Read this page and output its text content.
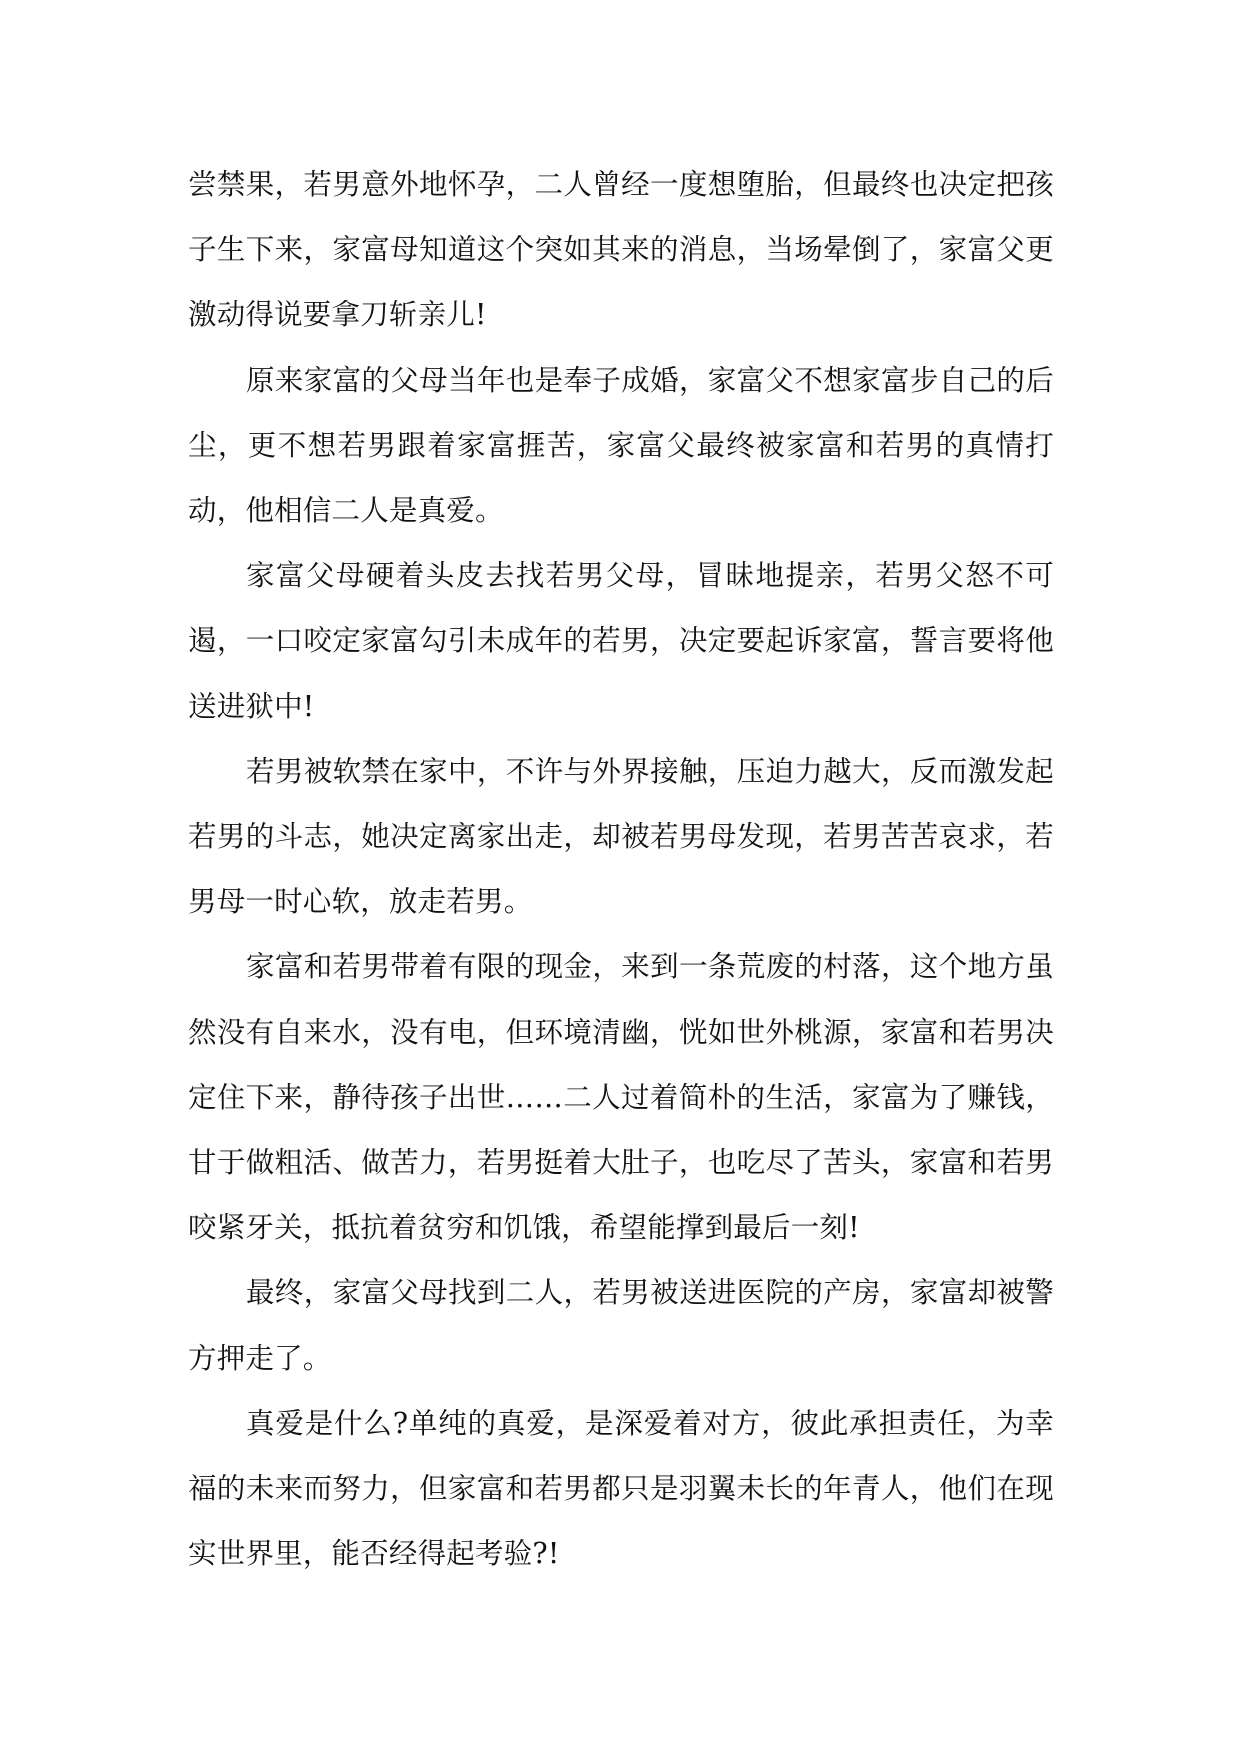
尝禁果，若男意外地怀孕，二人曾经一度想堕胎，但最终也决定把孩子生下来，家富母知道这个突如其来的消息，当场晕倒了，家富父更激动得说要拿刀斩亲儿!

原来家富的父母当年也是奉子成婚，家富父不想家富步自己的后尘，更不想若男跟着家富捱苦，家富父最终被家富和若男的真情打动，他相信二人是真爱。

家富父母硬着头皮去找若男父母，冒昧地提亲，若男父怒不可遏，一口咬定家富勾引未成年的若男，决定要起诉家富，誓言要将他送进狱中!

若男被软禁在家中，不许与外界接触，压迫力越大，反而激发起若男的斗志，她决定离家出走，却被若男母发现，若男苦苦哀求，若男母一时心软，放走若男。

家富和若男带着有限的现金，来到一条荒废的村落，这个地方虽然没有自来水，没有电，但环境清幽，恍如世外桃源，家富和若男决定住下来，静待孩子出世……二人过着简朴的生活，家富为了赚钱，甘于做粗活、做苦力，若男挺着大肚子，也吃尽了苦头，家富和若男咬紧牙关，抵抗着贫穷和饥饿，希望能撑到最后一刻!

最终，家富父母找到二人，若男被送进医院的产房，家富却被警方押走了。

真爱是什么?单纯的真爱，是深爱着对方，彼此承担责任，为幸福的未来而努力，但家富和若男都只是羽翼未长的年青人，他们在现实世界里，能否经得起考验?!
